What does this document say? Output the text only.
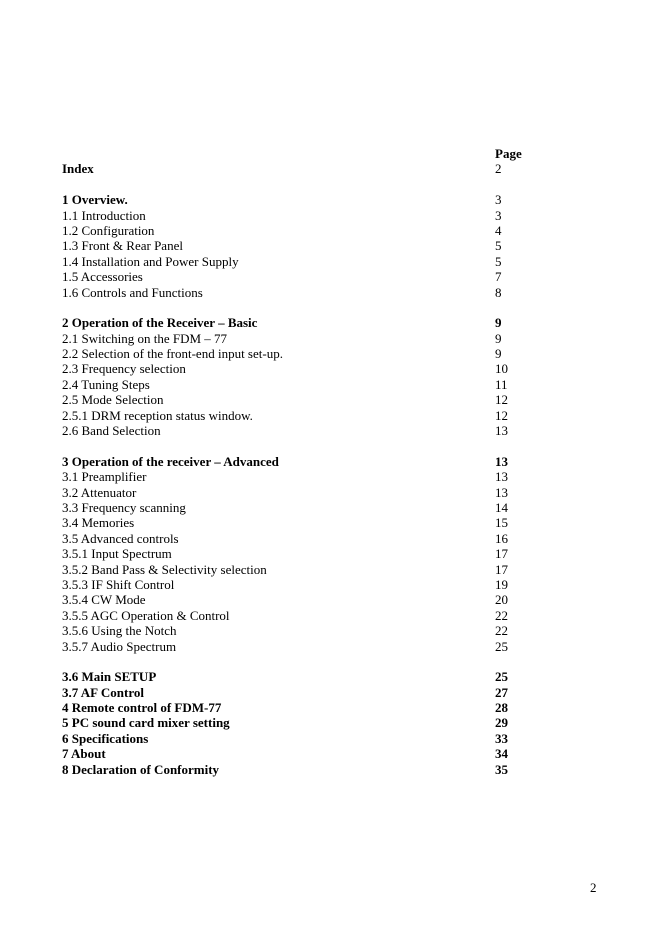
Page
Index	2
1 Overview.	3
1.1 Introduction	3
1.2 Configuration	4
1.3 Front & Rear Panel	5
1.4 Installation and Power Supply	5
1.5 Accessories	7
1.6 Controls and Functions	8
2 Operation of the Receiver – Basic	9
2.1 Switching on the FDM – 77	9
2.2 Selection of the front-end input set-up.	9
2.3 Frequency selection	10
2.4 Tuning Steps	11
2.5 Mode Selection	12
2.5.1 DRM reception status window.	12
2.6 Band Selection	13
3 Operation of the receiver – Advanced	13
3.1 Preamplifier	13
3.2 Attenuator	13
3.3 Frequency scanning	14
3.4 Memories	15
3.5 Advanced controls	16
3.5.1 Input Spectrum	17
3.5.2 Band Pass & Selectivity selection	17
3.5.3 IF Shift Control	19
3.5.4 CW Mode	20
3.5.5 AGC Operation & Control	22
3.5.6 Using the Notch	22
3.5.7 Audio Spectrum	25
3.6 Main SETUP	25
3.7 AF Control	27
4 Remote control of FDM-77	28
5 PC sound card mixer setting	29
6 Specifications	33
7 About	34
8 Declaration of Conformity	35
2
